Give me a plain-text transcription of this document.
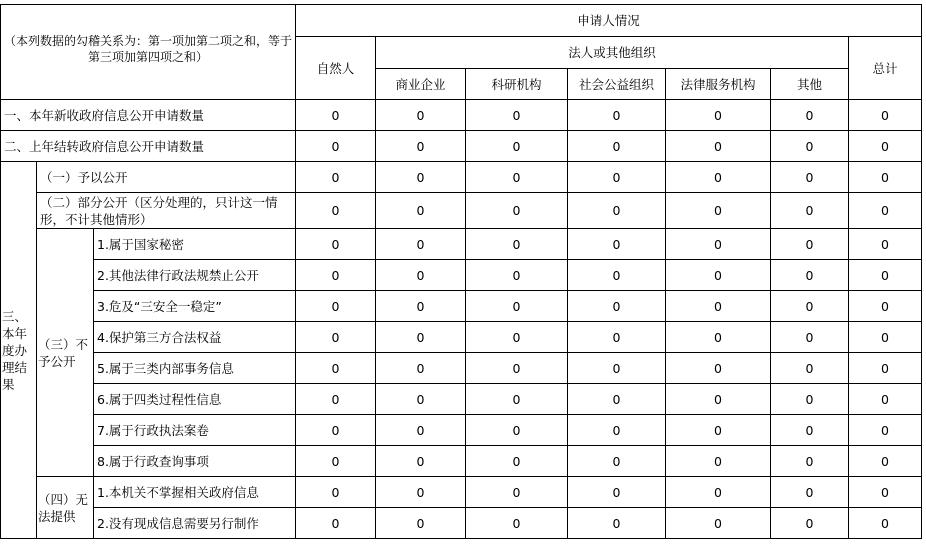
（本列数据的勾稽关系为：第一项加第二项之和，等于第三项加第四项之和）			申请人情况						
			自然人	法人或其他组织					总计
				商业企业	科研机构	社会公益组织	法律服务机构	其他	
一、本年新收政府信息公开申请数量			0	0	0	0	0	0	0
二、上年结转政府信息公开申请数量			0	0	0	0	0	0	0
三、本年度办理结果	（一）予以公开		0	0	0	0	0	0	0
	（二）部分公开（区分处理的，只计这一情形，不计其他情形）		0	0	0	0	0	0	0
	（三）不予公开	1.属于国家秘密	0	0	0	0	0	0	0
		2.其他法律行政法规禁止公开	0	0	0	0	0	0	0
		3.危及“三安全一稳定”	0	0	0	0	0	0	0
		4.保护第三方合法权益	0	0	0	0	0	0	0
		5.属于三类内部事务信息	0	0	0	0	0	0	0
		6.属于四类过程性信息	0	0	0	0	0	0	0
		7.属于行政执法案卷	0	0	0	0	0	0	0
		8.属于行政查询事项	0	0	0	0	0	0	0
	（四）无法提供	1.本机关不掌握相关政府信息	0	0	0	0	0	0	0
		2.没有现成信息需要另行制作	0	0	0	0	0	0	0
